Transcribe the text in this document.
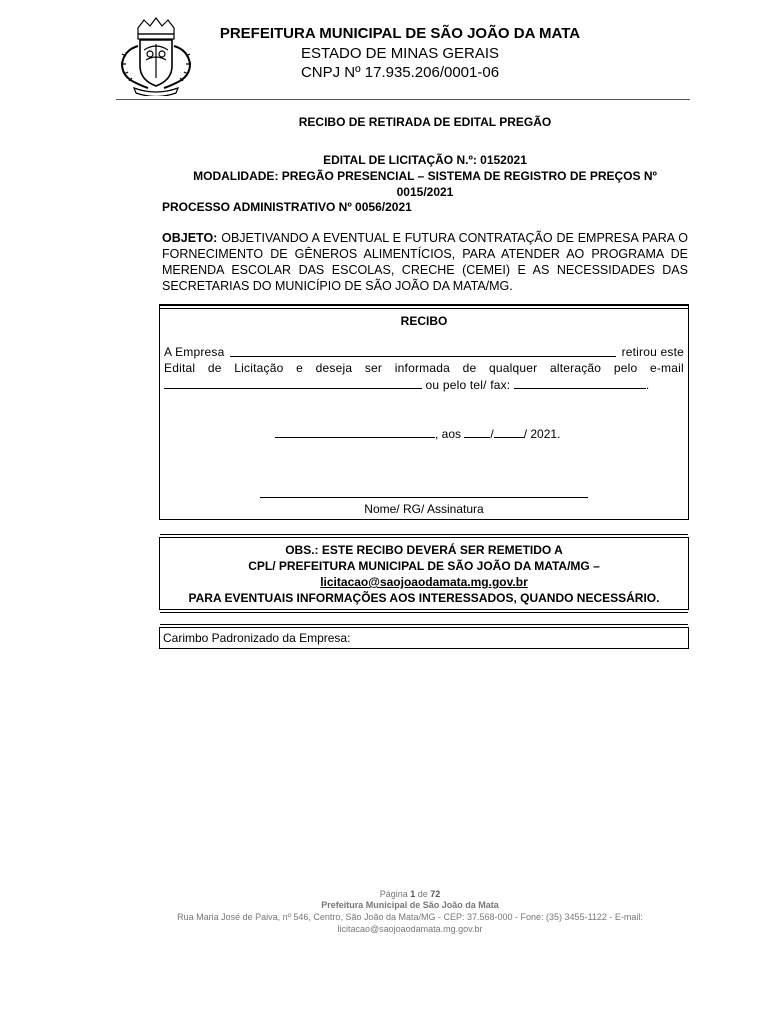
PREFEITURA MUNICIPAL DE SÃO JOÃO DA MATA
ESTADO DE MINAS GERAIS
CNPJ Nº 17.935.206/0001-06
RECIBO DE RETIRADA DE EDITAL PREGÃO
EDITAL DE LICITAÇÃO N.º: 0152021
MODALIDADE: PREGÃO PRESENCIAL – SISTEMA DE REGISTRO DE PREÇOS Nº
0015/2021
PROCESSO ADMINISTRATIVO Nº 0056/2021
OBJETO: OBJETIVANDO A EVENTUAL E FUTURA CONTRATAÇÃO DE EMPRESA PARA O FORNECIMENTO DE GÊNEROS ALIMENTÍCIOS, PARA ATENDER AO PROGRAMA DE MERENDA ESCOLAR DAS ESCOLAS, CRECHE (CEMEI) E AS NECESSIDADES DAS SECRETARIAS DO MUNICÍPIO DE SÃO JOÃO DA MATA/MG.
RECIBO
A Empresa	retirou este
Edital de Licitação e deseja ser informada de qualquer alteração pelo e-mail
ou pelo tel/ fax:	.
, aos /	/ 2021.
Nome/ RG/ Assinatura
OBS.: ESTE RECIBO DEVERÁ SER REMETIDO A
CPL/ PREFEITURA MUNICIPAL DE SÃO JOÃO DA MATA/MG –
licitacao@saojoaodamata.mg.gov.br
PARA EVENTUAIS INFORMAÇÕES AOS INTERESSADOS, QUANDO NECESSÁRIO.
Carimbo Padronizado da Empresa:
Página 1 de 72
Prefeitura Municipal de São João da Mata
Rua Maria José de Paiva, nº 546, Centro, São João da Mata/MG - CEP: 37.568-000 - Fone: (35) 3455-1122 - E-mail:
licitacao@saojoaodamata.mg.gov.br
